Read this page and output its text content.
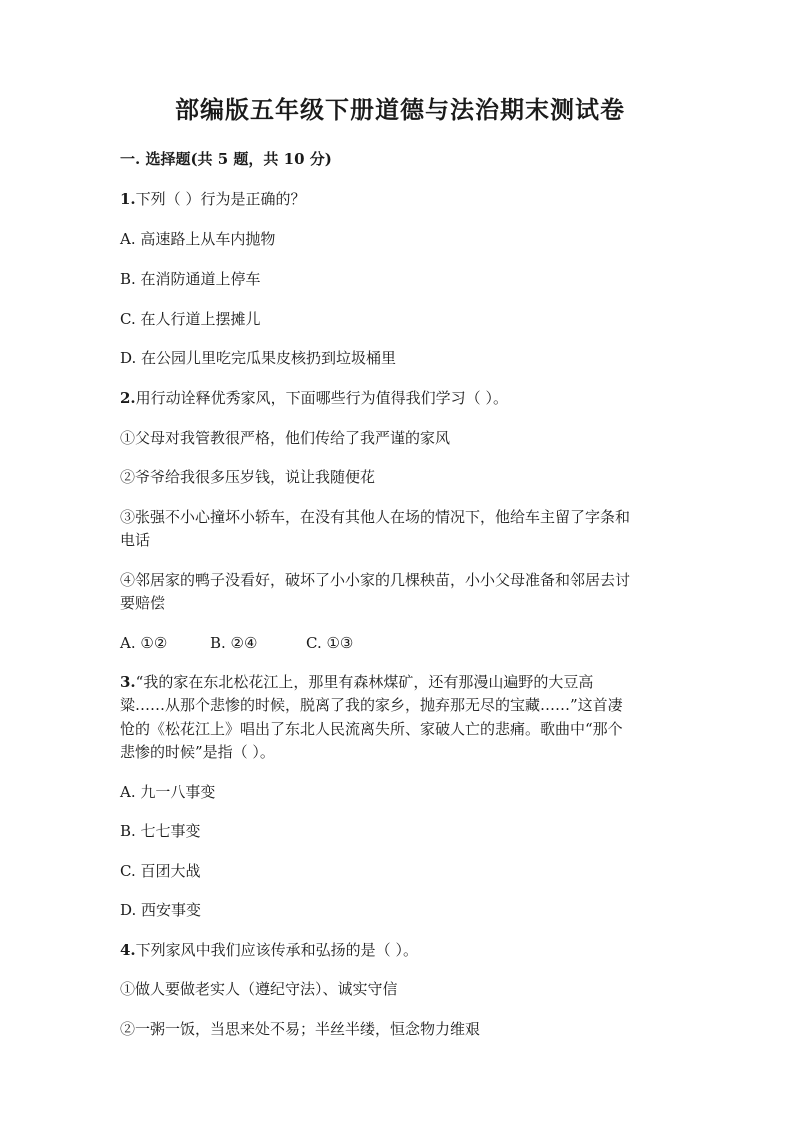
部编版五年级下册道德与法治期末测试卷
一. 选择题(共 5 题，共 10 分)
1.下列（ ）行为是正确的？
A. 高速路上从车内抛物
B. 在消防通道上停车
C. 在人行道上摆摊儿
D. 在公园儿里吃完瓜果皮核扔到垃圾桶里
2.用行动诠释优秀家风，下面哪些行为值得我们学习（ ）。
①父母对我管教很严格，他们传给了我严谨的家风
②爷爷给我很多压岁钱，说让我随便花
③张强不小心撞坏小轿车，在没有其他人在场的情况下，他给车主留了字条和
电话
④邻居家的鸭子没看好，破坏了小小家的几棵秧苗，小小父母准备和邻居去讨
要赔偿
A. ①②	B. ②④	C. ①③
3.“我的家在东北松花江上，那里有森林煤矿，还有那漫山遍野的大豆高
粱……从那个悲惨的时候，脱离了我的家乡，抛弃那无尽的宝藏……”这首凄
怆的《松花江上》唱出了东北人民流离失所、家破人亡的悲痛。歌曲中“那个
悲惨的时候”是指（ ）。
A. 九一八事变
B. 七七事变
C. 百团大战
D. 西安事变
4.下列家风中我们应该传承和弘扬的是（ ）。
①做人要做老实人（遵纪守法）、诚实守信
②一粥一饭，当思来处不易；半丝半缕，恒念物力维艰
